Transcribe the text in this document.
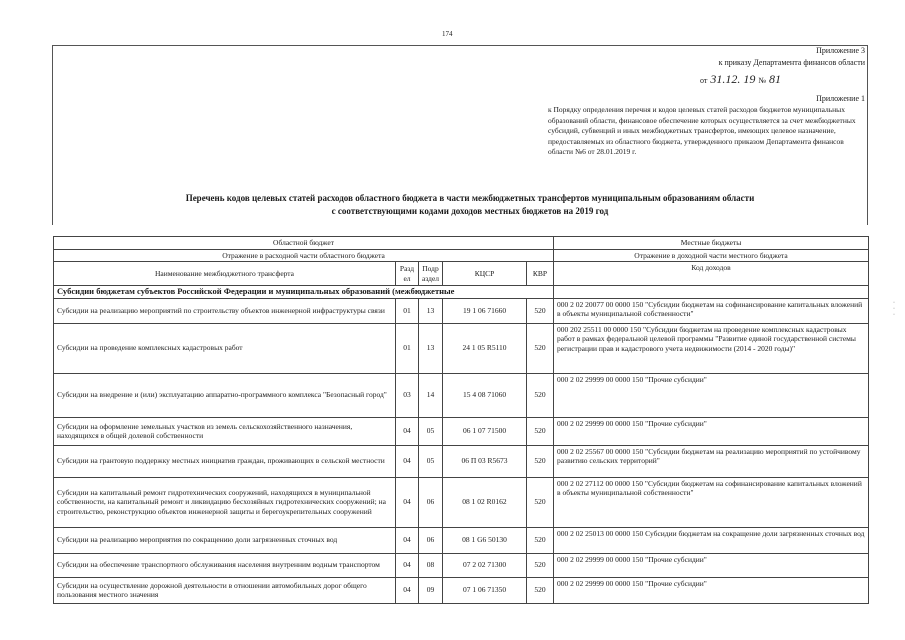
174
Приложение 3
к приказу Департамента финансов области
от 31.12. 19 № 81
Приложение 1
к Порядку определения перечня и кодов целевых статей расходов бюджетов муниципальных образований области, финансовое обеспечение которых осуществляется за счет межбюджетных субсидий, субвенций и иных межбюджетных трансфертов, имеющих целевое назначение, предоставляемых из областного бюджета, утвержденного приказом Департамента финансов области №6 от 28.01.2019 г.
Перечень кодов целевых статей расходов областного бюджета в части межбюджетных трансфертов муниципальным образованиям области
с соответствующими кодами доходов местных бюджетов на 2019 год
Областной бюджет					Местные бюджеты
Отражение в расходной части областного бюджета					Отражение в доходной части местного бюджета
Наименование межбюджетного трансферта	Разд ел	Подр аздел	КЦСР	КВР	Код доходов
Субсидии бюджетам субъектов Российской Федерации и муниципальных образований (межбюджетные					
Субсидии на реализацию мероприятий по строительству объектов инженерной инфраструктуры связи	01	13	19 1 06 71660	520	000 2 02 20077 00 0000 150 "Субсидии бюджетам на софинансирование капитальных вложений в объекты муниципальной собственности"
Субсидии на проведение комплексных кадастровых работ	01	13	24 1 05 R5110	520	000 202 25511 00 0000 150 "Субсидии бюджетам на проведение комплексных кадастровых работ в рамках федеральной целевой программы "Развитие единой государственной системы регистрации прав и кадастрового учета недвижимости (2014 - 2020 годы)"
Субсидии на внедрение и (или) эксплуатацию аппаратно-программного комплекса "Безопасный город"	03	14	15 4 08 71060	520	000 2 02 29999 00 0000 150 "Прочие субсидии"
Субсидии на оформление земельных участков из земель сельскохозяйственного назначения, находящихся в общей долевой собственности	04	05	06 1 07 71500	520	000 2 02 29999 00 0000 150 "Прочие субсидии"
Субсидии на грантовую поддержку местных инициатив граждан, проживающих в сельской местности	04	05	06 П 03 R5673	520	000 2 02 25567 00 0000 150 "Субсидии бюджетам на реализацию мероприятий по устойчивому развитию сельских территорий"
Субсидии на капитальный ремонт гидротехнических сооружений, находящихся в муниципальной собственности, на капитальный ремонт и ликвидацию бесхозяйных гидротехнических сооружений; на строительство, реконструкцию объектов инженерной защиты и берегоукрепительных сооружений	04	06	08 1 02 R0162	520	000 2 02 27112 00 0000 150 "Субсидии бюджетам на софинансирование капитальных вложений в объекты муниципальной собственности"
Субсидии на реализацию мероприятия по сокращению доли загрязненных сточных вод	04	06	08 1 G6 50130	520	000 2 02 25013 00 0000 150 Субсидии бюджетам на сокращение доли загрязненных сточных вод
Субсидии на обеспечение транспортного обслуживания населения внутренним водным транспортом	04	08	07 2 02 71300	520	000 2 02 29999 00 0000 150 "Прочие субсидии"
Субсидии на осуществление дорожной деятельности в отношении автомобильных дорог общего пользования местного значения	04	09	07 1 06 71350	520	000 2 02 29999 00 0000 150 "Прочие субсидии"
·
·
·
